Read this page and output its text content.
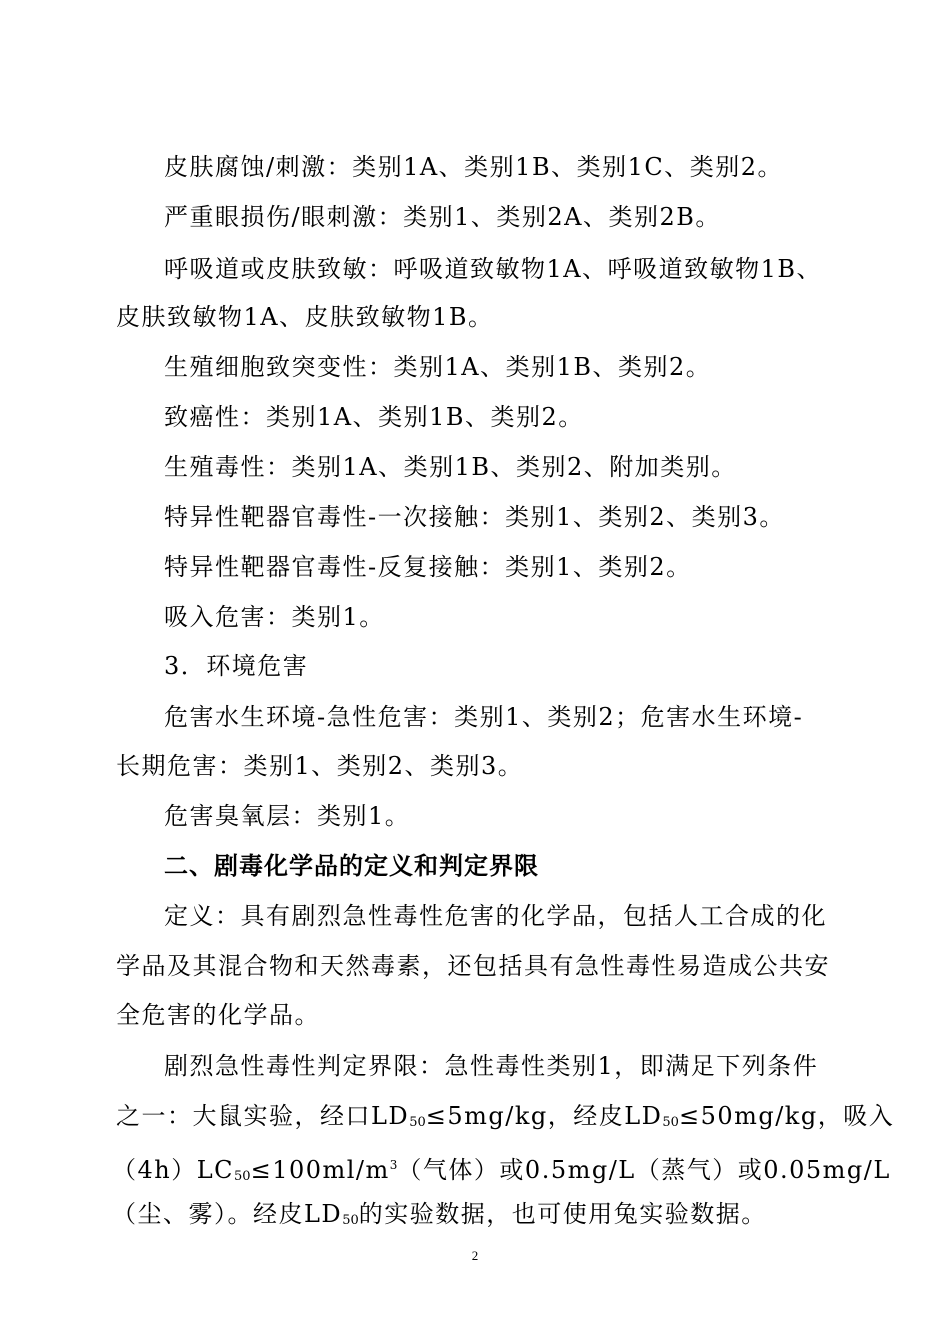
皮肤腐蚀/刺激：类别1A、类别1B、类别1C、类别2。
严重眼损伤/眼刺激：类别1、类别2A、类别2B。
呼吸道或皮肤致敏：呼吸道致敏物1A、呼吸道致敏物1B、
皮肤致敏物1A、皮肤致敏物1B。
生殖细胞致突变性：类别1A、类别1B、类别2。
致癌性：类别1A、类别1B、类别2。
生殖毒性：类别1A、类别1B、类别2、附加类别。
特异性靶器官毒性-一次接触：类别1、类别2、类别3。
特异性靶器官毒性-反复接触：类别1、类别2。
吸入危害：类别1。
3．环境危害
危害水生环境-急性危害：类别1、类别2；危害水生环境-
长期危害：类别1、类别2、类别3。
危害臭氧层：类别1。
二、剧毒化学品的定义和判定界限
定义：具有剧烈急性毒性危害的化学品，包括人工合成的化
学品及其混合物和天然毒素，还包括具有急性毒性易造成公共安
全危害的化学品。
剧烈急性毒性判定界限：急性毒性类别1，即满足下列条件
之一：大鼠实验，经口$LD_{50}\le 5mg/kg$，经皮$LD_{50}\le 50mg/kg$，吸入
$(4h)LC_{50}\le 100ml/m^3$（气体）或0.5mg/L（蒸气）或0.05mg/L
（尘、雾）。经皮$LD_{50}$的实验数据，也可使用兔实验数据。
2
